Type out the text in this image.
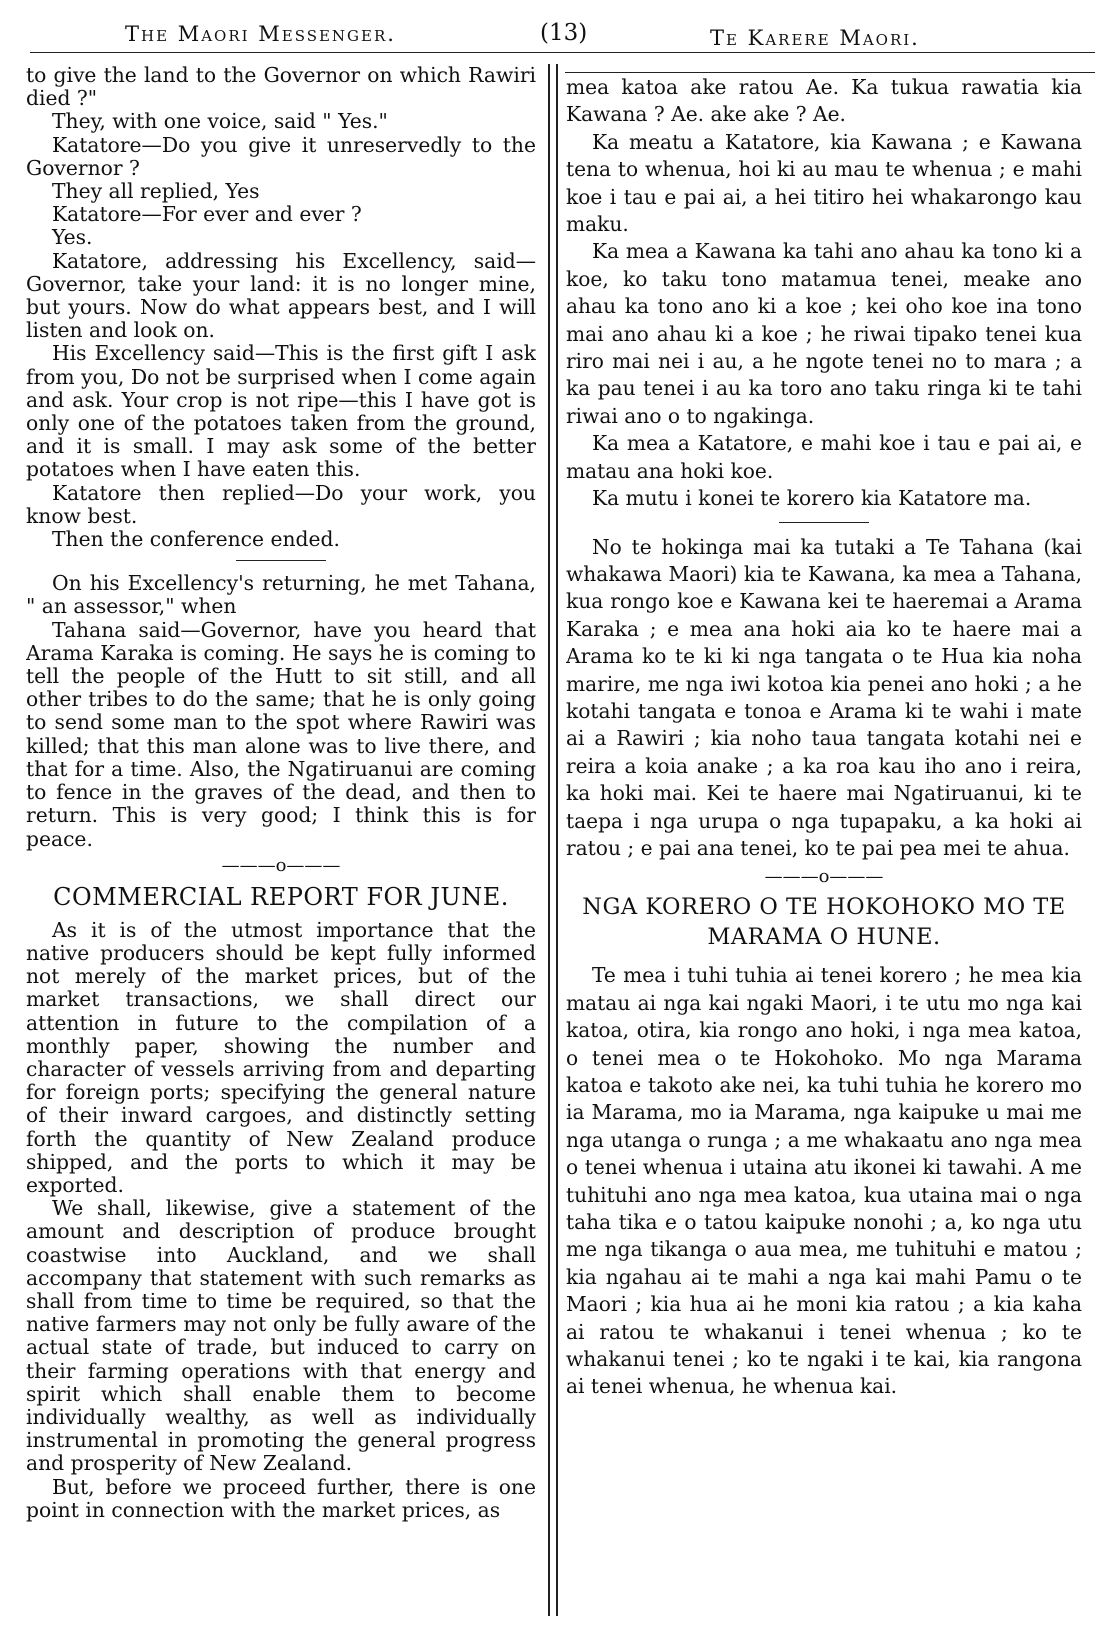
The Maori Messenger.	(13)	Te Karere Maori.

to give the land to the Governor on which Rawiri died ?"

They, with one voice, said " Yes."

Katatore—Do you give it unreservedly to the Governor ?

They all replied, Yes

Katatore—For ever and ever ?

Yes.

Katatore, addressing his Excellency, said—Governor, take your land: it is no longer mine, but yours. Now do what appears best, and I will listen and look on.

His Excellency said—This is the first gift I ask from you, Do not be surprised when I come again and ask. Your crop is not ripe—this I have got is only one of the potatoes taken from the ground, and it is small. I may ask some of the better potatoes when I have eaten this.

Katatore then replied—Do your work, you know best.

Then the conference ended.

On his Excellency's returning, he met Tahana, " an assessor," when

Tahana said—Governor, have you heard that Arama Karaka is coming. He says he is coming to tell the people of the Hutt to sit still, and all other tribes to do the same; that he is only going to send some man to the spot where Rawiri was killed; that this man alone was to live there, and that for a time. Also, the Ngatiruanui are coming to fence in the graves of the dead, and then to return. This is very good; I think this is for peace.

———o———
COMMERCIAL REPORT FOR JUNE.

As it is of the utmost importance that the native producers should be kept fully informed not merely of the market prices, but of the market transactions, we shall direct our attention in future to the compilation of a monthly paper, showing the number and character of vessels arriving from and departing for foreign ports; specifying the general nature of their inward cargoes, and distinctly setting forth the quantity of New Zealand produce shipped, and the ports to which it may be exported.

We shall, likewise, give a statement of the amount and description of produce brought coastwise into Auckland, and we shall accompany that statement with such remarks as shall from time to time be required, so that the native farmers may not only be fully aware of the actual state of trade, but induced to carry on their farming operations with that energy and spirit which shall enable them to become individually wealthy, as well as individually instrumental in promoting the general progress and prosperity of New Zealand.

But, before we proceed further, there is one point in connection with the market prices, as

mea katoa ake ratou Ae. Ka tukua rawatia kia Kawana ? Ae. ake ake ? Ae.

Ka meatu a Katatore, kia Kawana ; e Kawana tena to whenua, hoi ki au mau te whenua ; e mahi koe i tau e pai ai, a hei titiro hei whakarongo kau maku.

Ka mea a Kawana ka tahi ano ahau ka tono ki a koe, ko taku tono matamua tenei, meake ano ahau ka tono ano ki a koe ; kei oho koe ina tono mai ano ahau ki a koe ; he riwai tipako tenei kua riro mai nei i au, a he ngote tenei no to mara ; a ka pau tenei i au ka toro ano taku ringa ki te tahi riwai ano o to ngakinga.

Ka mea a Katatore, e mahi koe i tau e pai ai, e matau ana hoki koe.

Ka mutu i konei te korero kia Katatore ma.

No te hokinga mai ka tutaki a Te Tahana (kai whakawa Maori) kia te Kawana, ka mea a Tahana, kua rongo koe e Kawana kei te haeremai a Arama Karaka ; e mea ana hoki aia ko te haere mai a Arama ko te ki ki nga tangata o te Hua kia noha marire, me nga iwi kotoa kia penei ano hoki ; a he kotahi tangata e tonoa e Arama ki te wahi i mate ai a Rawiri ; kia noho taua tangata kotahi nei e reira a koia anake ; a ka roa kau iho ano i reira, ka hoki mai. Kei te haere mai Ngatiruanui, ki te taepa i nga urupa o nga tupapaku, a ka hoki ai ratou ; e pai ana tenei, ko te pai pea mei te ahua.

———o———
NGA KORERO O TE HOKOHOKO MO TE MARAMA O HUNE.

Te mea i tuhi tuhia ai tenei korero ; he mea kia matau ai nga kai ngaki Maori, i te utu mo nga kai katoa, otira, kia rongo ano hoki, i nga mea katoa, o tenei mea o te Hokohoko. Mo nga Marama katoa e takoto ake nei, ka tuhi tuhia he korero mo ia Marama, mo ia Marama, nga kaipuke u mai me nga utanga o runga ; a me whakaatu ano nga mea o tenei whenua i utaina atu ikonei ki tawahi. A me tuhituhi ano nga mea katoa, kua utaina mai o nga taha tika e o tatou kaipuke nonohi ; a, ko nga utu me nga tikanga o aua mea, me tuhituhi e matou ; kia ngahau ai te mahi a nga kai mahi Pamu o te Maori ; kia hua ai he moni kia ratou ; a kia kaha ai ratou te whakanui i tenei whenua ; ko te whakanui tenei ; ko te ngaki i te kai, kia rangona ai tenei whenua, he whenua kai.
